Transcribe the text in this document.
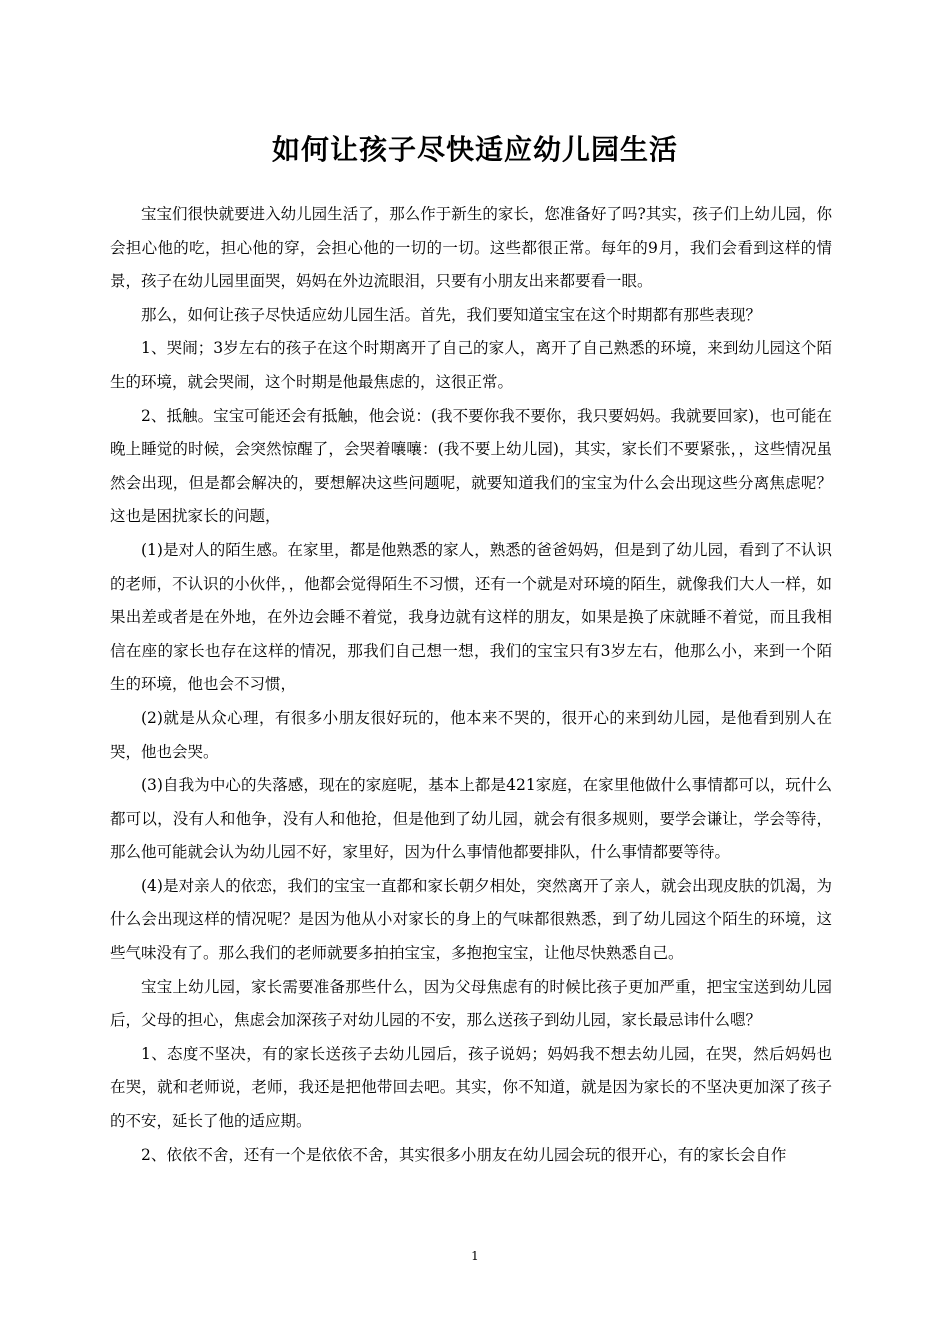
如何让孩子尽快适应幼儿园生活

宝宝们很快就要进入幼儿园生活了，那么作于新生的家长，您准备好了吗?其实，孩子们上幼儿园，你会担心他的吃，担心他的穿，会担心他的一切的一切。这些都很正常。每年的9月，我们会看到这样的情景，孩子在幼儿园里面哭，妈妈在外边流眼泪，只要有小朋友出来都要看一眼。

那么，如何让孩子尽快适应幼儿园生活。首先，我们要知道宝宝在这个时期都有那些表现？

1、哭闹；3岁左右的孩子在这个时期离开了自己的家人，离开了自己熟悉的环境，来到幼儿园这个陌生的环境，就会哭闹，这个时期是他最焦虑的，这很正常。

2、抵触。宝宝可能还会有抵触，他会说：(我不要你我不要你，我只要妈妈。我就要回家)，也可能在晚上睡觉的时候，会突然惊醒了，会哭着嚷嚷：(我不要上幼儿园)，其实，家长们不要紧张，，这些情况虽然会出现，但是都会解决的，要想解决这些问题呢，就要知道我们的宝宝为什么会出现这些分离焦虑呢？这也是困扰家长的问题，

(1)是对人的陌生感。在家里，都是他熟悉的家人，熟悉的爸爸妈妈，但是到了幼儿园，看到了不认识的老师，不认识的小伙伴，，他都会觉得陌生不习惯，还有一个就是对环境的陌生，就像我们大人一样，如果出差或者是在外地，在外边会睡不着觉，我身边就有这样的朋友，如果是换了床就睡不着觉，而且我相信在座的家长也存在这样的情况，那我们自己想一想，我们的宝宝只有3岁左右，他那么小，来到一个陌生的环境，他也会不习惯，

(2)就是从众心理，有很多小朋友很好玩的，他本来不哭的，很开心的来到幼儿园，是他看到别人在哭，他也会哭。

(3)自我为中心的失落感，现在的家庭呢，基本上都是421家庭，在家里他做什么事情都可以，玩什么都可以，没有人和他争，没有人和他抢，但是他到了幼儿园，就会有很多规则，要学会谦让，学会等待，那么他可能就会认为幼儿园不好，家里好，因为什么事情他都要排队，什么事情都要等待。

(4)是对亲人的依恋，我们的宝宝一直都和家长朝夕相处，突然离开了亲人，就会出现皮肤的饥渴，为什么会出现这样的情况呢？是因为他从小对家长的身上的气味都很熟悉，到了幼儿园这个陌生的环境，这些气味没有了。那么我们的老师就要多拍拍宝宝，多抱抱宝宝，让他尽快熟悉自己。

宝宝上幼儿园，家长需要准备那些什么，因为父母焦虑有的时候比孩子更加严重，把宝宝送到幼儿园后，父母的担心，焦虑会加深孩子对幼儿园的不安，那么送孩子到幼儿园，家长最忌讳什么嗯？

1、态度不坚决，有的家长送孩子去幼儿园后，孩子说妈；妈妈我不想去幼儿园，在哭，然后妈妈也在哭，就和老师说，老师，我还是把他带回去吧。其实，你不知道，就是因为家长的不坚决更加深了孩子的不安，延长了他的适应期。

2、依依不舍，还有一个是依依不舍，其实很多小朋友在幼儿园会玩的很开心，有的家长会自作

1
